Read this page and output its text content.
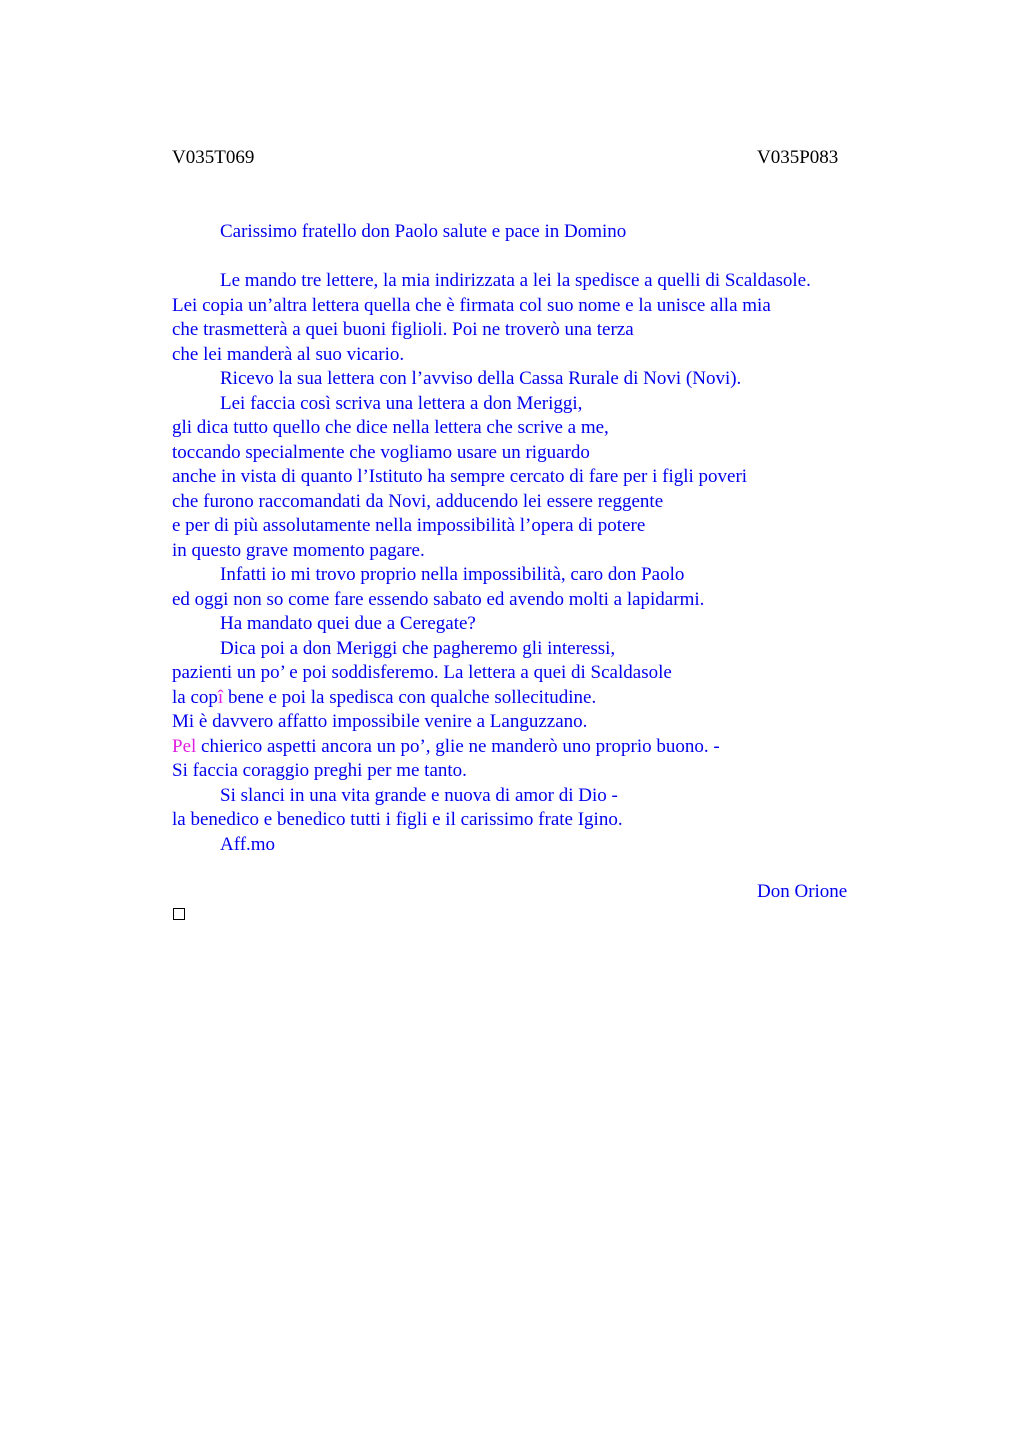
V035T069	V035P083
Carissimo fratello don Paolo salute e pace in Domino
Le mando tre lettere, la mia indirizzata a lei la spedisce a quelli di Scaldasole.
Lei copia un’altra lettera quella che è firmata col suo nome e la unisce alla mia
che trasmetterà a quei buoni figlioli. Poi ne troverò una terza
che lei manderà al suo vicario.
Ricevo la sua lettera con l’avviso della Cassa Rurale di Novi (Novi).
Lei faccia così scriva una lettera a don Meriggi,
gli dica tutto quello che dice nella lettera che scrive a me,
toccando specialmente che vogliamo usare un riguardo
anche in vista di quanto l’Istituto ha sempre cercato di fare per i figli poveri
che furono raccomandati da Novi, adducendo lei essere reggente
e per di più assolutamente nella impossibilità l’opera di potere
in questo grave momento pagare.
Infatti io mi trovo proprio nella impossibilità, caro don Paolo
ed oggi non so come fare essendo sabato ed avendo molti a lapidarmi.
Ha mandato quei due a Ceregate?
Dica poi a don Meriggi che pagheremo gli interessi,
pazienti un po’ e poi soddisferemo. La lettera a quei di Scaldasole
la copî bene e poi la spedisca con qualche sollecitudine.
Mi è davvero affatto impossibile venire a Languzzano.
Pel chierico aspetti ancora un po’, glie ne manderò uno proprio buono. -
Si faccia coraggio preghi per me tanto.
Si slanci in una vita grande e nuova di amor di Dio -
la benedico e benedico tutti i figli e il carissimo frate Igino.
Aff.mo
Don Orione
